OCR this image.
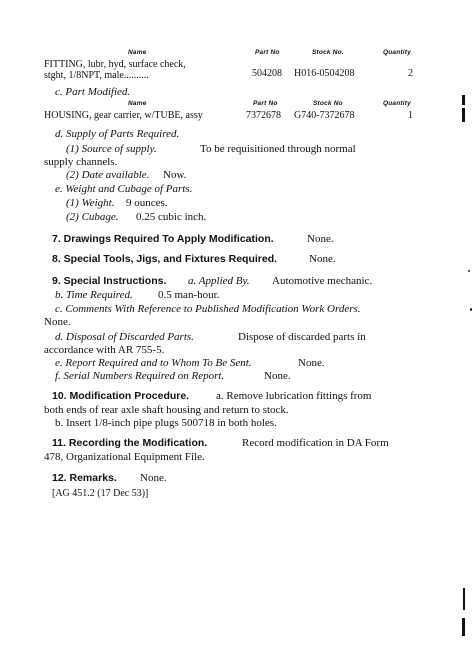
Name	Part No	Stock No.	Quantity
FITTING, lubr, hyd, surface check,
stght, 1/8NPT, male..........	504208 H016-0504208	2
c. Part Modified.
Name	Part No	Stock No	Quantity
HOUSING, gear carrier, w/TUBE, assy	7372678 G740-7372678	1
d. Supply of Parts Required.
(1) Source of supply.	To be requisitioned through normal
supply channels.
(2) Date available. Now.
e. Weight and Cubage of Parts.
(1) Weight. 9 ounces.
(2) Cubage. 0.25 cubic inch.
7. Drawings Required To Apply Modification.	None.
8. Special Tools, Jigs, and Fixtures Required.	None.
9. Special Instructions. a. Applied By. Automotive mechanic.
b. Time Required. 0.5 man-hour.
c. Comments With Reference to Published Modification Work Orders.
None.
d. Disposal of Discarded Parts.	Dispose of discarded parts in
accordance with AR 755-5.
e. Report Required and to Whom To Be Sent.	None.
f. Serial Numbers Required on Report.	None.
10. Modification Procedure. a. Remove lubrication fittings from
both ends of rear axle shaft housing and return to stock.
b. Insert 1/8-inch pipe plugs 500718 in both holes.
11. Recording the Modification.	Record modification in DA Form
478, Organizational Equipment File.
12. Remarks. None.
[AG 451.2 (17 Dec 53)]
